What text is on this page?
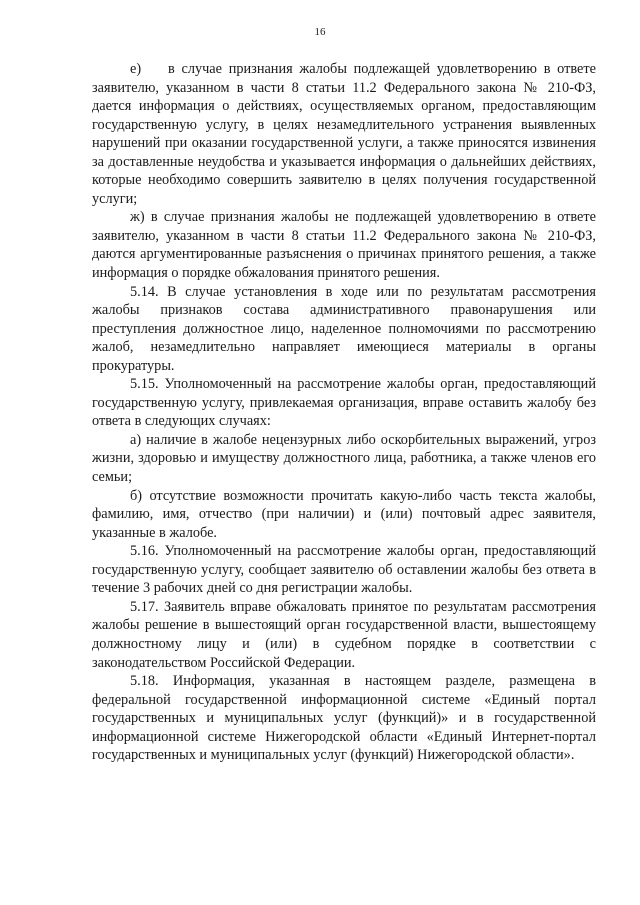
16

е)    в случае признания жалобы подлежащей удовлетворению в ответе заявителю, указанном в части 8 статьи 11.2 Федерального закона № 210-ФЗ, дается информация о действиях, осуществляемых органом, предоставляющим государственную услугу, в целях незамедлительного устранения выявленных нарушений при оказании государственной услуги, а также приносятся извинения за доставленные неудобства и указывается информация о дальнейших действиях, которые необходимо совершить заявителю в целях получения государственной услуги;

ж) в случае признания жалобы не подлежащей удовлетворению в ответе заявителю, указанном в части 8 статьи 11.2 Федерального закона № 210-ФЗ, даются аргументированные разъяснения о причинах принятого решения, а также информация о порядке обжалования принятого решения.

5.14. В случае установления в ходе или по результатам рассмотрения жалобы признаков состава административного правонарушения или преступления должностное лицо, наделенное полномочиями по рассмотрению жалоб, незамедлительно направляет имеющиеся материалы в органы прокуратуры.

5.15. Уполномоченный на рассмотрение жалобы орган, предоставляющий государственную услугу, привлекаемая организация, вправе оставить жалобу без ответа в следующих случаях:

а) наличие в жалобе нецензурных либо оскорбительных выражений, угроз жизни, здоровью и имуществу должностного лица, работника, а также членов его семьи;

б) отсутствие возможности прочитать какую-либо часть текста жалобы, фамилию, имя, отчество (при наличии) и (или) почтовый адрес заявителя, указанные в жалобе.

5.16. Уполномоченный на рассмотрение жалобы орган, предоставляющий государственную услугу, сообщает заявителю об оставлении жалобы без ответа в течение 3 рабочих дней со дня регистрации жалобы.

5.17. Заявитель вправе обжаловать принятое по результатам рассмотрения жалобы решение в вышестоящий орган государственной власти, вышестоящему должностному лицу и (или) в судебном порядке в соответствии с законодательством Российской Федерации.

5.18. Информация, указанная в настоящем разделе, размещена в федеральной государственной информационной системе «Единый портал государственных и муниципальных услуг (функций)» и в государственной информационной системе Нижегородской области «Единый Интернет-портал государственных и муниципальных услуг (функций) Нижегородской области».
